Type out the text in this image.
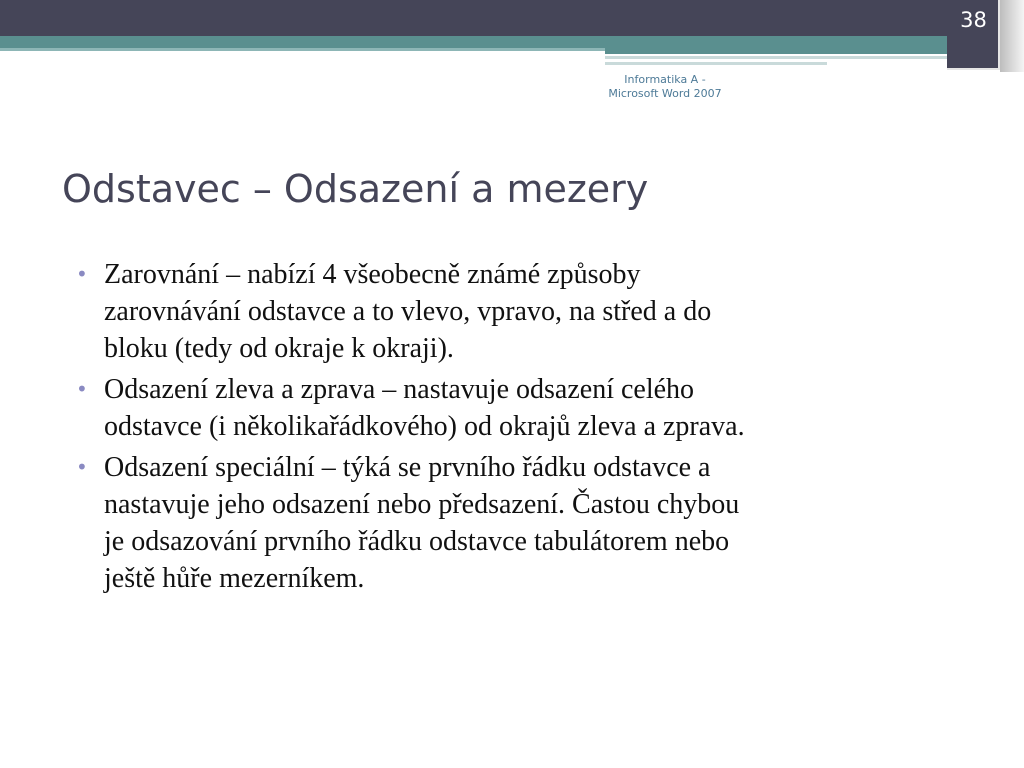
38
Informatika A -
Microsoft Word 2007
Odstavec – Odsazení a mezery
• Zarovnání – nabízí 4 všeobecně známé způsoby
zarovnávání odstavce a to vlevo, vpravo, na střed a do
bloku (tedy od okraje k okraji).
• Odsazení zleva a zprava – nastavuje odsazení celého
odstavce (i několikařádkového) od okrajů zleva a zprava.
• Odsazení speciální – týká se prvního řádku odstavce a
nastavuje jeho odsazení nebo předsazení. Častou chybou
je odsazování prvního řádku odstavce tabulátorem nebo
ještě hůře mezerníkem.
